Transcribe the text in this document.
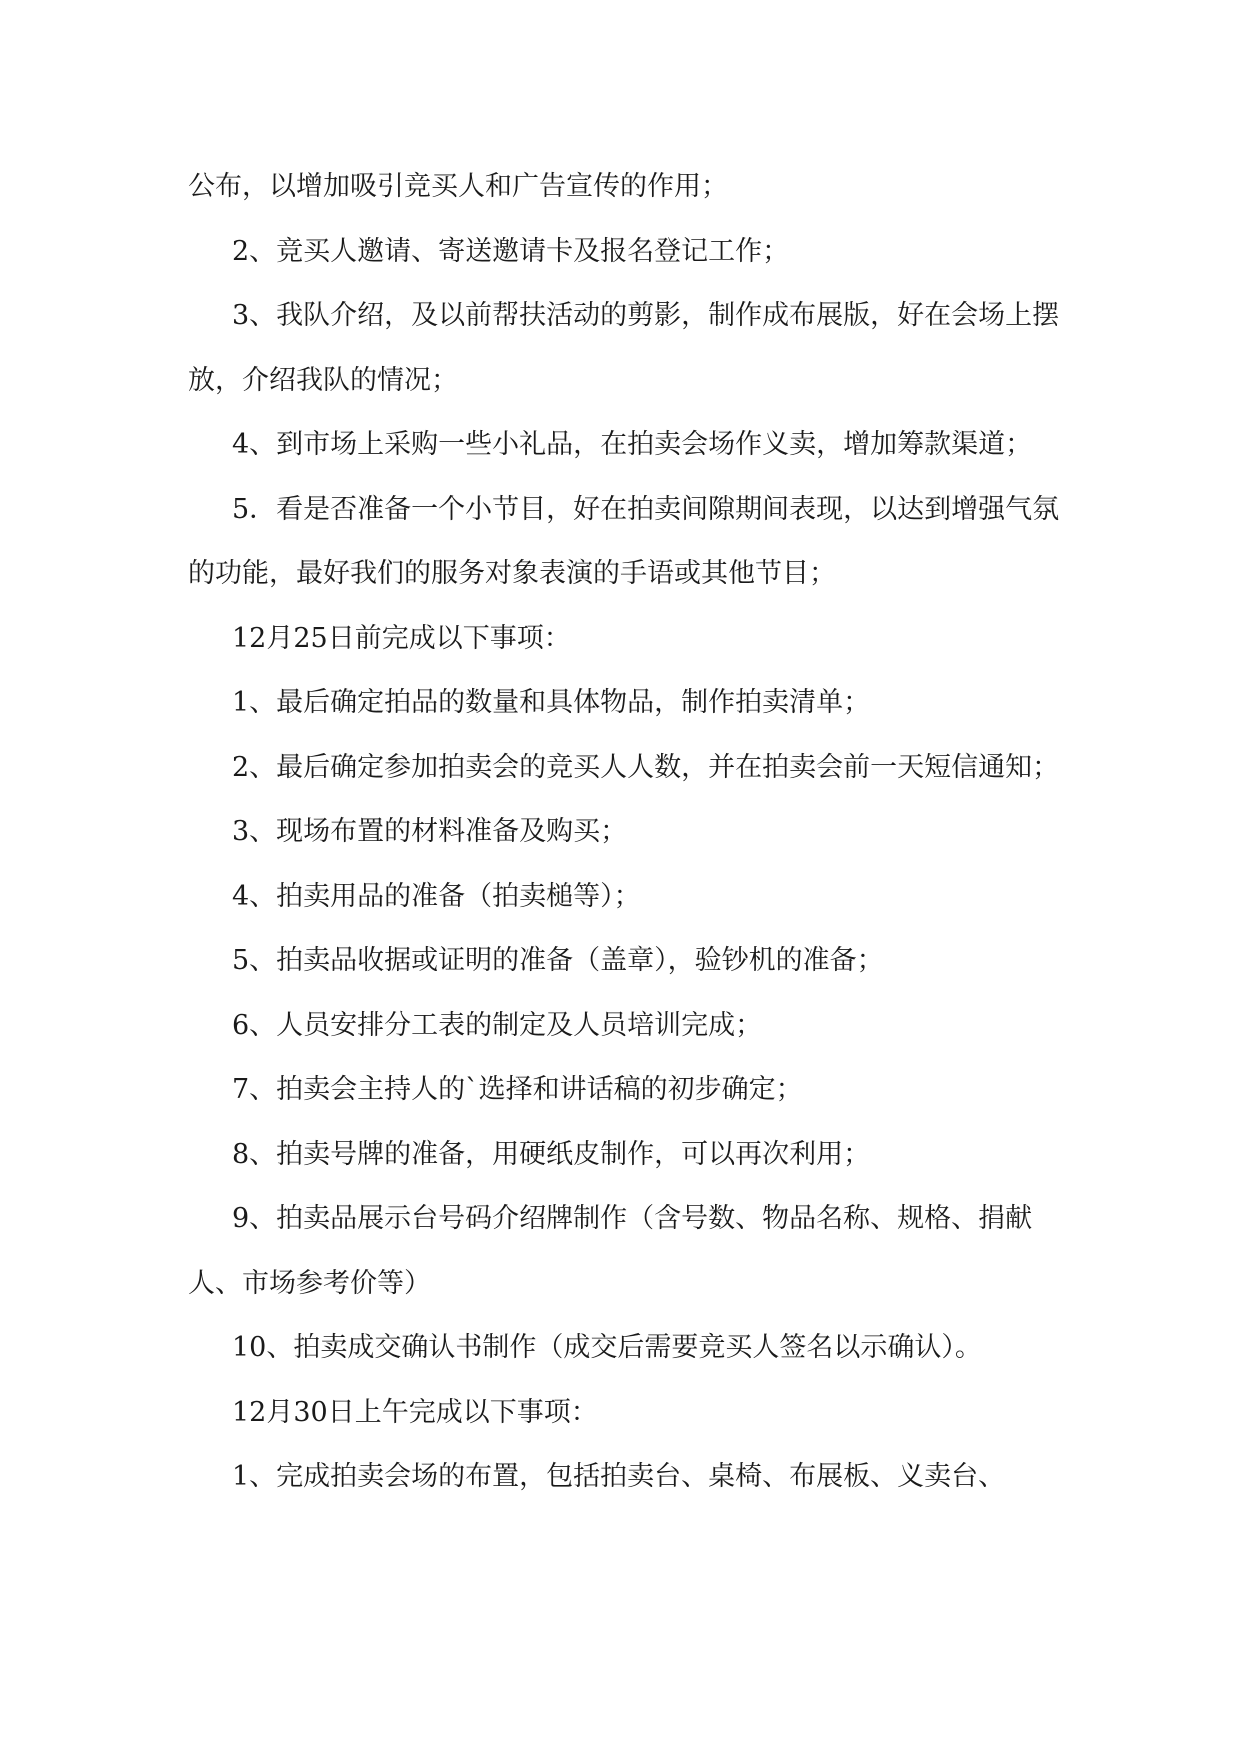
公布，以增加吸引竞买人和广告宣传的作用；

2、竞买人邀请、寄送邀请卡及报名登记工作；

3、我队介绍，及以前帮扶活动的剪影，制作成布展版，好在会场上摆放，介绍我队的情况；

4、到市场上采购一些小礼品，在拍卖会场作义卖，增加筹款渠道；

5．看是否准备一个小节目，好在拍卖间隙期间表现，以达到增强气氛的功能，最好我们的服务对象表演的手语或其他节目；

12月25日前完成以下事项：

1、最后确定拍品的数量和具体物品，制作拍卖清单；

2、最后确定参加拍卖会的竞买人人数，并在拍卖会前一天短信通知；

3、现场布置的材料准备及购买；

4、拍卖用品的准备（拍卖槌等）；

5、拍卖品收据或证明的准备（盖章），验钞机的准备；

6、人员安排分工表的制定及人员培训完成；

7、拍卖会主持人的`选择和讲话稿的初步确定；

8、拍卖号牌的准备，用硬纸皮制作，可以再次利用；

9、拍卖品展示台号码介绍牌制作（含号数、物品名称、规格、捐献人、市场参考价等）

10、拍卖成交确认书制作（成交后需要竞买人签名以示确认）。

12月30日上午完成以下事项：

1、完成拍卖会场的布置，包括拍卖台、桌椅、布展板、义卖台、
